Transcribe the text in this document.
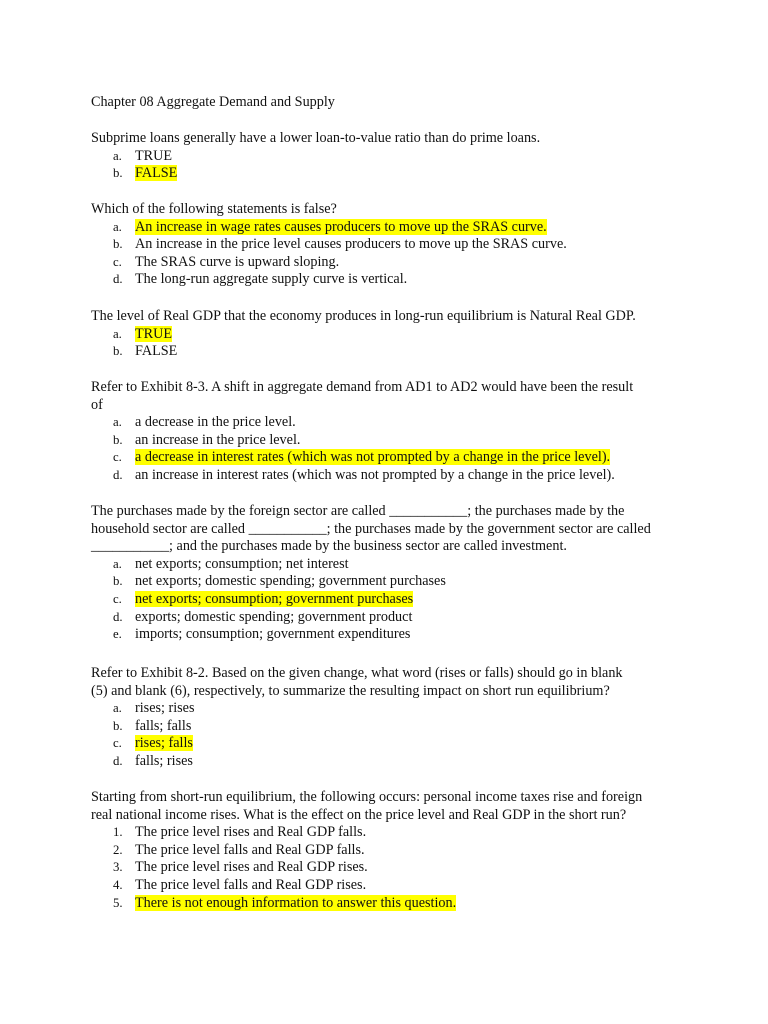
Chapter 08 Aggregate Demand and Supply
Subprime loans generally have a lower loan-to-value ratio than do prime loans.
a. TRUE
b. FALSE
Which of the following statements is false?
a. An increase in wage rates causes producers to move up the SRAS curve.
b. An increase in the price level causes producers to move up the SRAS curve.
c. The SRAS curve is upward sloping.
d. The long-run aggregate supply curve is vertical.
The level of Real GDP that the economy produces in long-run equilibrium is Natural Real GDP.
a. TRUE
b. FALSE
Refer to Exhibit 8-3. A shift in aggregate demand from AD1 to AD2 would have been the result
of
a. a decrease in the price level.
b. an increase in the price level.
c. a decrease in interest rates (which was not prompted by a change in the price level).
d. an increase in interest rates (which was not prompted by a change in the price level).
The purchases made by the foreign sector are called ___________; the purchases made by the
household sector are called ___________; the purchases made by the government sector are called
___________; and the purchases made by the business sector are called investment.
a. net exports; consumption; net interest
b. net exports; domestic spending; government purchases
c. net exports; consumption; government purchases
d. exports; domestic spending; government product
e. imports; consumption; government expenditures
Refer to Exhibit 8-2. Based on the given change, what word (rises or falls) should go in blank
(5) and blank (6), respectively, to summarize the resulting impact on short run equilibrium?
a. rises; rises
b. falls; falls
c. rises; falls
d. falls; rises
Starting from short-run equilibrium, the following occurs: personal income taxes rise and foreign
real national income rises. What is the effect on the price level and Real GDP in the short run?
1. The price level rises and Real GDP falls.
2. The price level falls and Real GDP falls.
3. The price level rises and Real GDP rises.
4. The price level falls and Real GDP rises.
5. There is not enough information to answer this question.
